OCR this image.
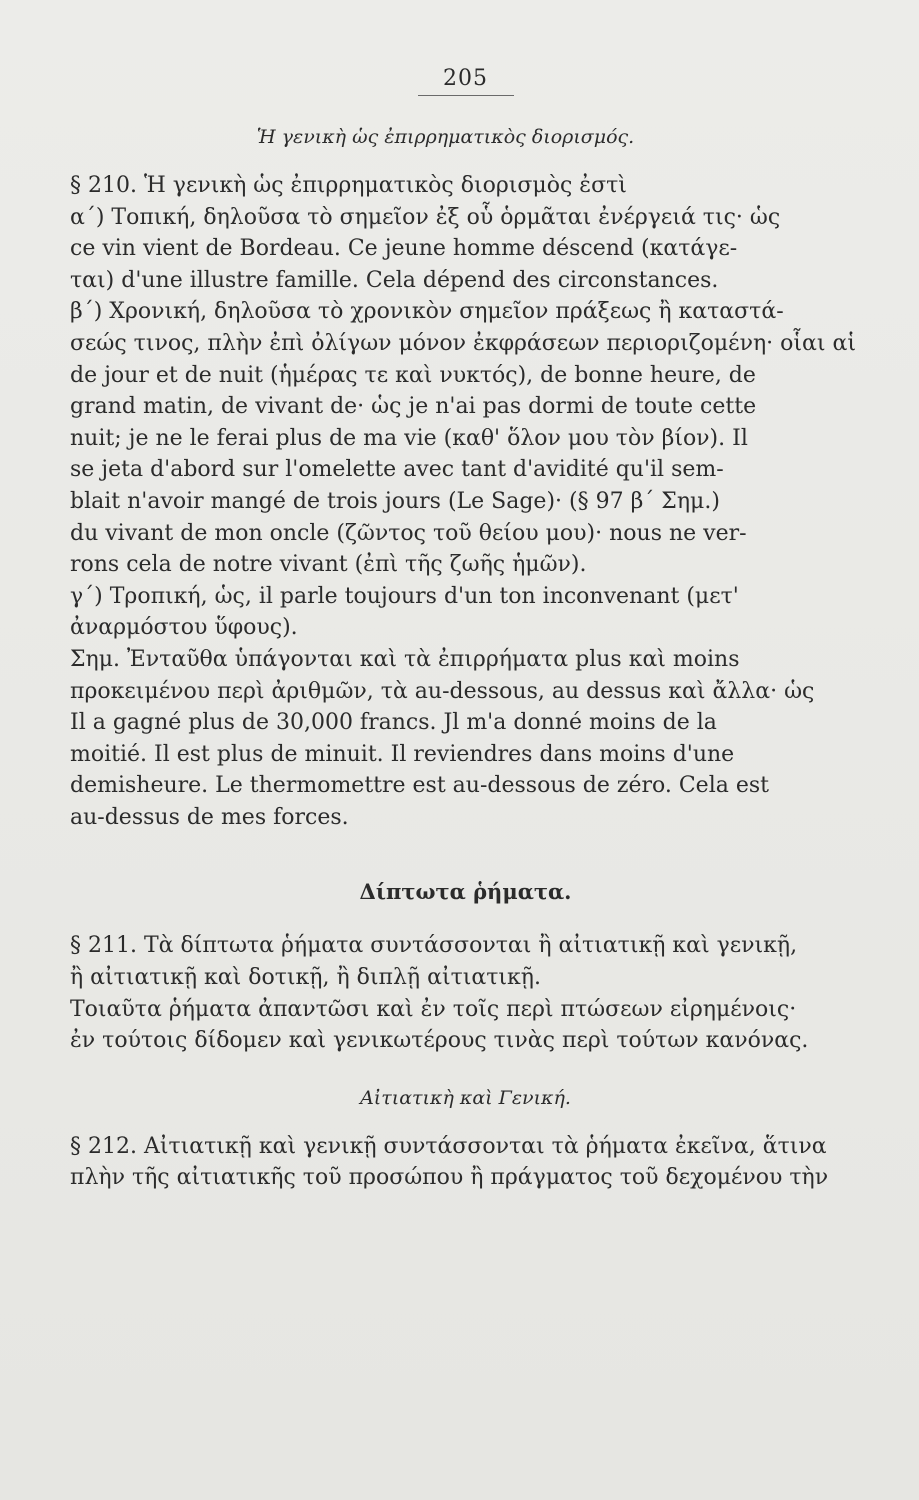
205
Ἡ γενικὴ ὡς ἐπιρρηματικὸς διορισμός.
§ 210. Ἡ γενικὴ ὡς ἐπιρρηματικὸς διορισμὸς ἐστὶ
α΄) Τοπική, δηλοῦσα τὸ σημεῖον ἐξ οὗ ὁρμᾶται ἐνέργειά τις· ὡς
ce vin vient de Bordeau. Ce jeune homme déscend (κατάγε-
ται) d'une illustre famille. Cela dépend des circonstances.
β΄) Χρονική, δηλοῦσα τὸ χρονικὸν σημεῖον πράξεως ἢ καταστά-
σεώς τινος, πλὴν ἐπὶ ὀλίγων μόνον ἐκφράσεων περιοριζομένη· οἷαι αἱ
de jour et de nuit (ἡμέρας τε καὶ νυκτός), de bonne heure, de
grand matin, de vivant de· ὡς je n'ai pas dormi de toute cette
nuit; je ne le ferai plus de ma vie (καθ' ὅλον μου τὸν βίον). Il
se jeta d'abord sur l'omelette avec tant d'avidité qu'il sem-
blait n'avoir mangé de trois jours (Le Sage)· (§ 97 β΄ Σημ.)
du vivant de mon oncle (ζῶντος τοῦ θείου μου)· nous ne ver-
rons cela de notre vivant (ἐπὶ τῆς ζωῆς ἡμῶν).
γ΄) Τροπική, ὡς, il parle toujours d'un ton inconvenant (μετ'
ἀναρμόστου ὕφους).
Σημ. Ἐνταῦθα ὑπάγονται καὶ τὰ ἐπιρρήματα plus καὶ moins
προκειμένου περὶ ἀριθμῶν, τὰ au-dessous, au dessus καὶ ἄλλα· ὡς
Il a gagné plus de 30,000 francs. Jl m'a donné moins de la
moitié. Il est plus de minuit. Il reviendres dans moins d'une
demisheure. Le thermomettre est au-dessous de zéro. Cela est
au-dessus de mes forces.
Δίπτωτα ῥήματα.
§ 211. Τὰ δίπτωτα ῥήματα συντάσσονται ἢ αἰτιατικῇ καὶ γενικῇ,
ἢ αἰτιατικῇ καὶ δοτικῇ, ἢ διπλῇ αἰτιατικῇ.
Τοιαῦτα ῥήματα ἀπαντῶσι καὶ ἐν τοῖς περὶ πτώσεων εἰρημένοις·
ἐν τούτοις δίδομεν καὶ γενικωτέρους τινὰς περὶ τούτων κανόνας.
Αἰτιατικὴ καὶ Γενική.
§ 212. Αἰτιατικῇ καὶ γενικῇ συντάσσονται τὰ ῥήματα ἐκεῖνα, ἅτινα
πλὴν τῆς αἰτιατικῆς τοῦ προσώπου ἢ πράγματος τοῦ δεχομένου τὴν
